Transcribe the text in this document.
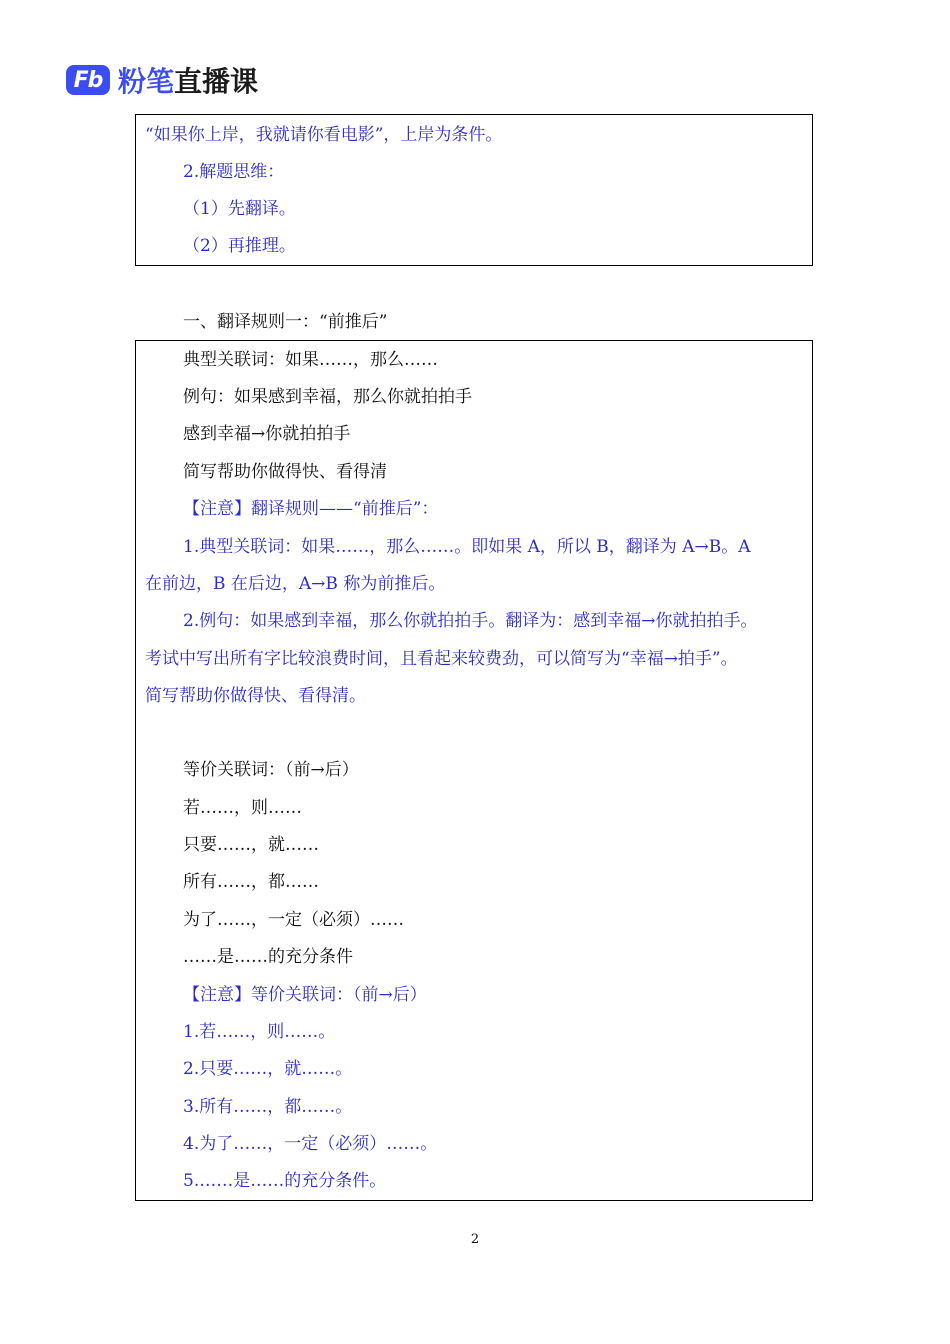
Fb 粉笔 直播课
“如果你上岸，我就请你看电影”，上岸为条件。
2.解题思维：
（1）先翻译。
（2）再推理。
一、翻译规则一：“前推后”
典型关联词：如果……，那么……
例句：如果感到幸福，那么你就拍拍手
感到幸福→你就拍拍手
简写帮助你做得快、看得清
【注意】翻译规则——“前推后”：
1.典型关联词：如果……，那么……。即如果 A，所以 B，翻译为 A→B。A
在前边，B 在后边，A→B 称为前推后。
2.例句：如果感到幸福，那么你就拍拍手。翻译为：感到幸福→你就拍拍手。
考试中写出所有字比较浪费时间，且看起来较费劲，可以简写为“幸福→拍手”。
简写帮助你做得快、看得清。
等价关联词：（前→后）
若……，则……
只要……，就……
所有……，都……
为了……，一定（必须）……
……是……的充分条件
【注意】等价关联词：（前→后）
1.若……，则……。
2.只要……，就……。
3.所有……，都……。
4.为了……，一定（必须）……。
5.……是……的充分条件。
2
